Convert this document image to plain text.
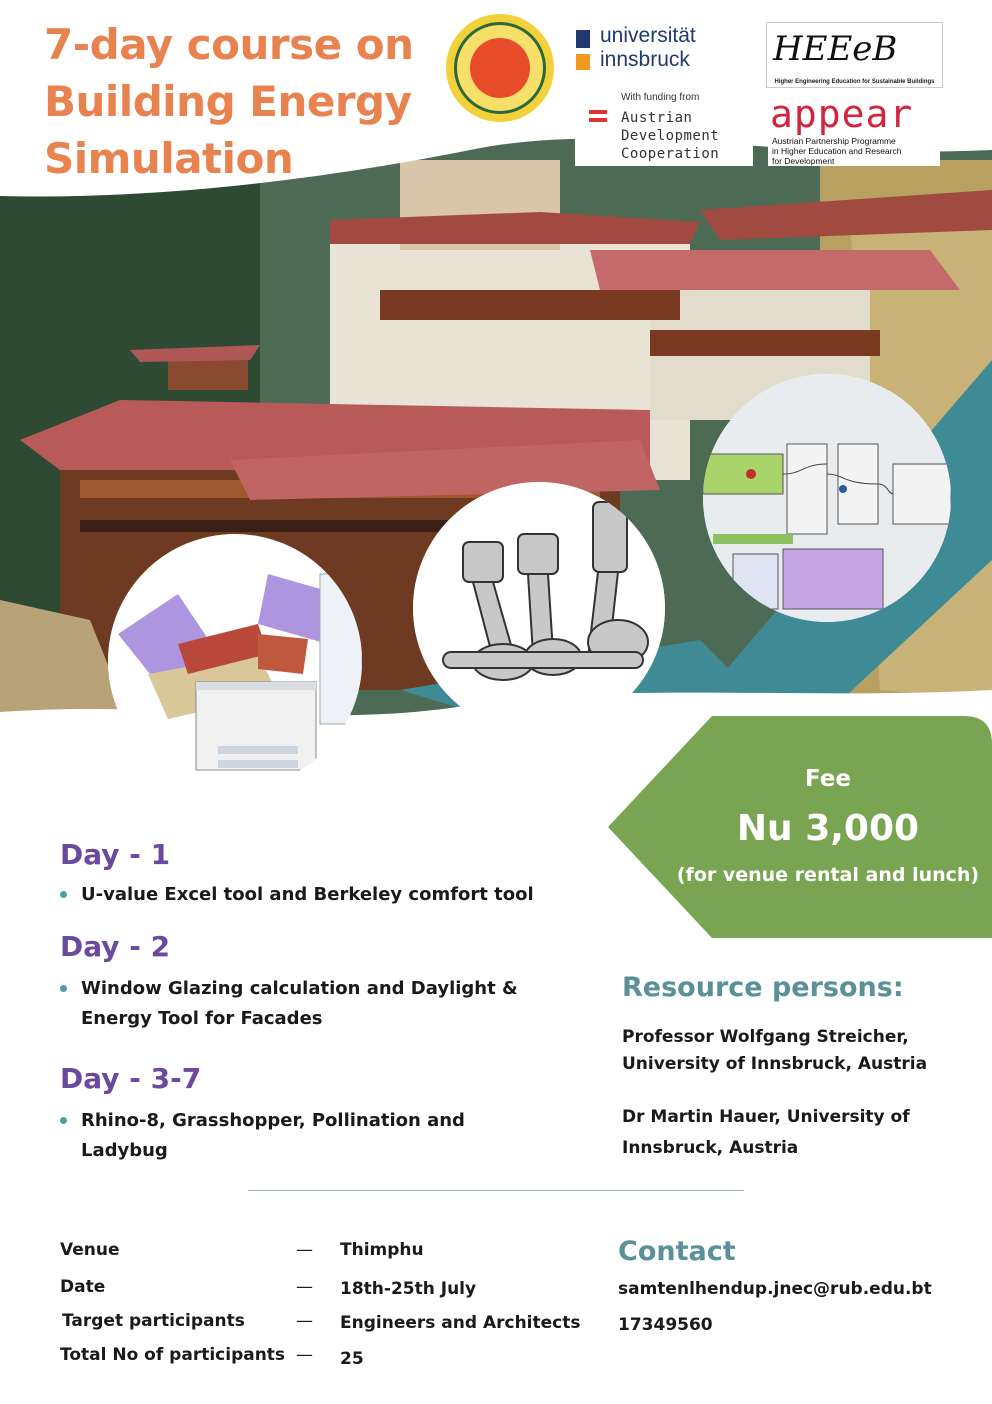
7-day course on
Building Energy
Simulation
universität
innsbruck
With funding from
Austrian
Development
Cooperation
HEEeB
Higher Engineering Education for Sustainable Buildings
appear
Austrian Partnership Programme
in Higher Education and Research
for Development
Fee
Nu 3,000
(for venue rental and lunch)
Day - 1
U-value Excel tool and Berkeley comfort tool
Day - 2
Window Glazing calculation and Daylight &
Energy Tool for Facades
Day - 3-7
Rhino-8, Grasshopper, Pollination and
Ladybug
Resource persons:
Professor Wolfgang Streicher,
University of Innsbruck, Austria
Dr Martin Hauer, University of
Innsbruck, Austria
Venue	— Thimphu
Date	— 18th-25th July
Target participants	— Engineers and Architects
Total No of participants — 25
Contact
samtenlhendup.jnec@rub.edu.bt
17349560
